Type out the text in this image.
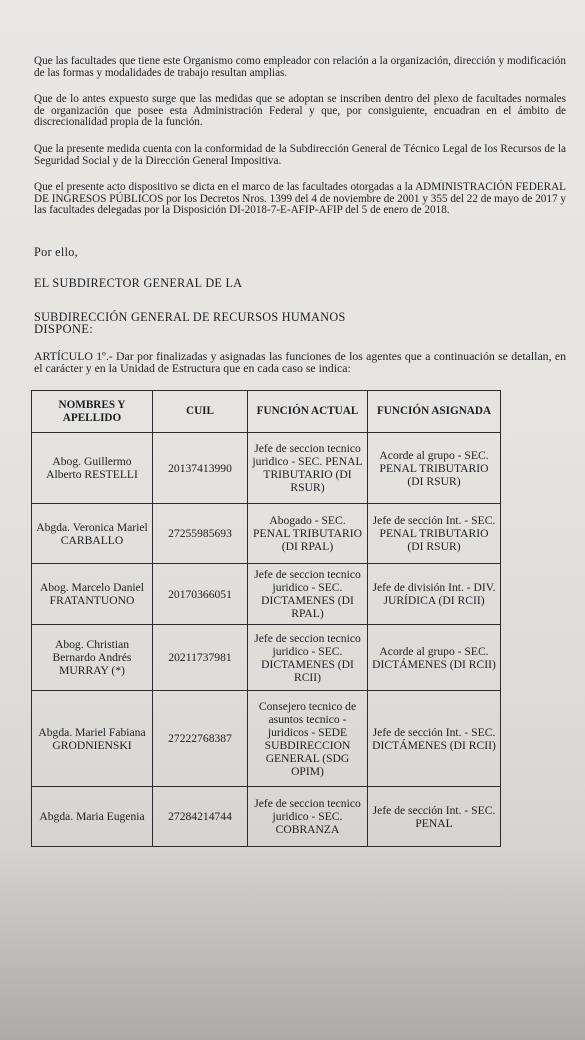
Que las facultades que tiene este Organismo como empleador con relación a la organización, dirección y modificación de las formas y modalidades de trabajo resultan amplias.
Que de lo antes expuesto surge que las medidas que se adoptan se inscriben dentro del plexo de facultades normales de organización que posee esta Administración Federal y que, por consiguiente, encuadran en el ámbito de discrecionalidad propia de la función.
Que la presente medida cuenta con la conformidad de la Subdirección General de Técnico Legal de los Recursos de la Seguridad Social y de la Dirección General Impositiva.
Que el presente acto dispositivo se dicta en el marco de las facultades otorgadas a la ADMINISTRACIÓN FEDERAL DE INGRESOS PÚBLICOS por los Decretos Nros. 1399 del 4 de noviembre de 2001 y 355 del 22 de mayo de 2017 y las facultades delegadas por la Disposición DI-2018-7-E-AFIP-AFIP del 5 de enero de 2018.
Por ello,
EL SUBDIRECTOR GENERAL DE LA
SUBDIRECCIÓN GENERAL DE RECURSOS HUMANOS
DISPONE:
ARTÍCULO 1º.- Dar por finalizadas y asignadas las funciones de los agentes que a continuación se detallan, en el carácter y en la Unidad de Estructura que en cada caso se indica:
NOMBRES Y APELLIDO	CUIL	FUNCIÓN ACTUAL	FUNCIÓN ASIGNADA
Abog. Guillermo Alberto RESTELLI	20137413990	Jefe de seccion tecnico juridico - SEC. PENAL TRIBUTARIO (DI RSUR)	Acorde al grupo - SEC. PENAL TRIBUTARIO (DI RSUR)
Abgda. Veronica Mariel CARBALLO	27255985693	Abogado - SEC. PENAL TRIBUTARIO (DI RPAL)	Jefe de sección Int. - SEC. PENAL TRIBUTARIO (DI RSUR)
Abog. Marcelo Daniel FRATANTUONO	20170366051	Jefe de seccion tecnico juridico - SEC. DICTAMENES (DI RPAL)	Jefe de división Int. - DIV. JURÍDICA (DI RCII)
Abog. Christian Bernardo Andrés MURRAY (*)	20211737981	Jefe de seccion tecnico juridico - SEC. DICTAMENES (DI RCII)	Acorde al grupo - SEC. DICTÁMENES (DI RCII)
Abgda. Mariel Fabiana GRODNIENSKI	27222768387	Consejero tecnico de asuntos tecnico - juridicos - SEDE SUBDIRECCION GENERAL (SDG OPIM)	Jefe de sección Int. - SEC. DICTÁMENES (DI RCII)
Abgda. Maria Eugenia	27284214744	Jefe de seccion tecnico juridico - SEC. COBRANZA	Jefe de sección Int. - SEC. PENAL
